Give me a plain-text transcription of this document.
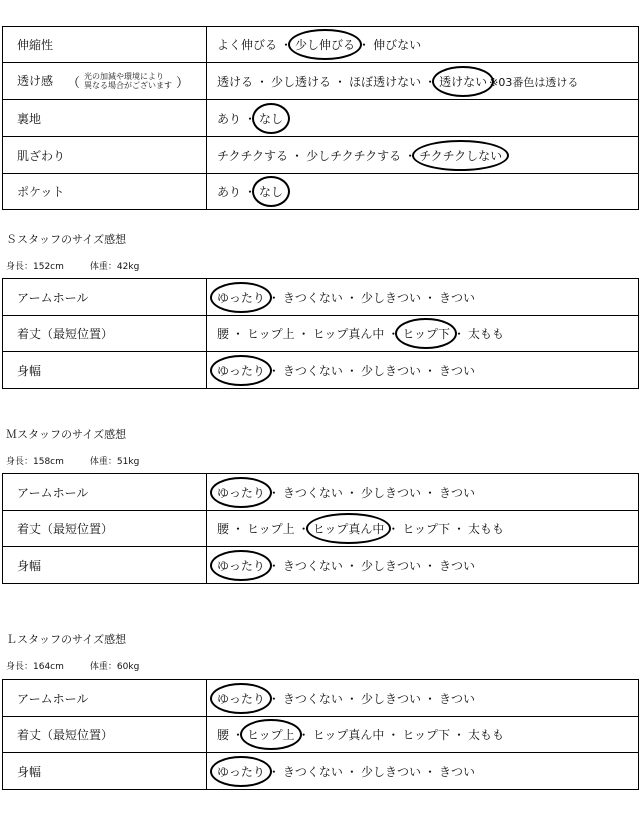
伸縮性	よく伸びる ・ 少し伸びる ・ 伸びない

透け感 （ 光の加減や環境により
異なる場合がございます ）	透ける ・ 少し透ける ・ ほぼ透けない ・ 透けない ※03番色は透ける

裏地	あり ・ なし

肌ざわり	チクチクする ・ 少しチクチクする ・ チクチクしない

ポケット	あり ・ なし
Ｓスタッフのサイズ感想
身長：152cm	体重：42kg
アームホール	ゆったり ・ きつくない ・ 少しきつい ・ きつい

着丈（最短位置）	腰 ・ ヒップ上 ・ ヒップ真ん中 ・ ヒップ下 ・ 太もも

身幅	ゆったり ・ きつくない ・ 少しきつい ・ きつい
Ｍスタッフのサイズ感想
身長：158cm	体重：51kg
アームホール	ゆったり ・ きつくない ・ 少しきつい ・ きつい

着丈（最短位置）	腰 ・ ヒップ上 ・ ヒップ真ん中 ・ ヒップ下 ・ 太もも

身幅	ゆったり ・ きつくない ・ 少しきつい ・ きつい
Ｌスタッフのサイズ感想
身長：164cm	体重：60kg
アームホール	ゆったり ・ きつくない ・ 少しきつい ・ きつい

着丈（最短位置）	腰 ・ ヒップ上 ・ ヒップ真ん中 ・ ヒップ下 ・ 太もも

身幅	ゆったり ・ きつくない ・ 少しきつい ・ きつい
